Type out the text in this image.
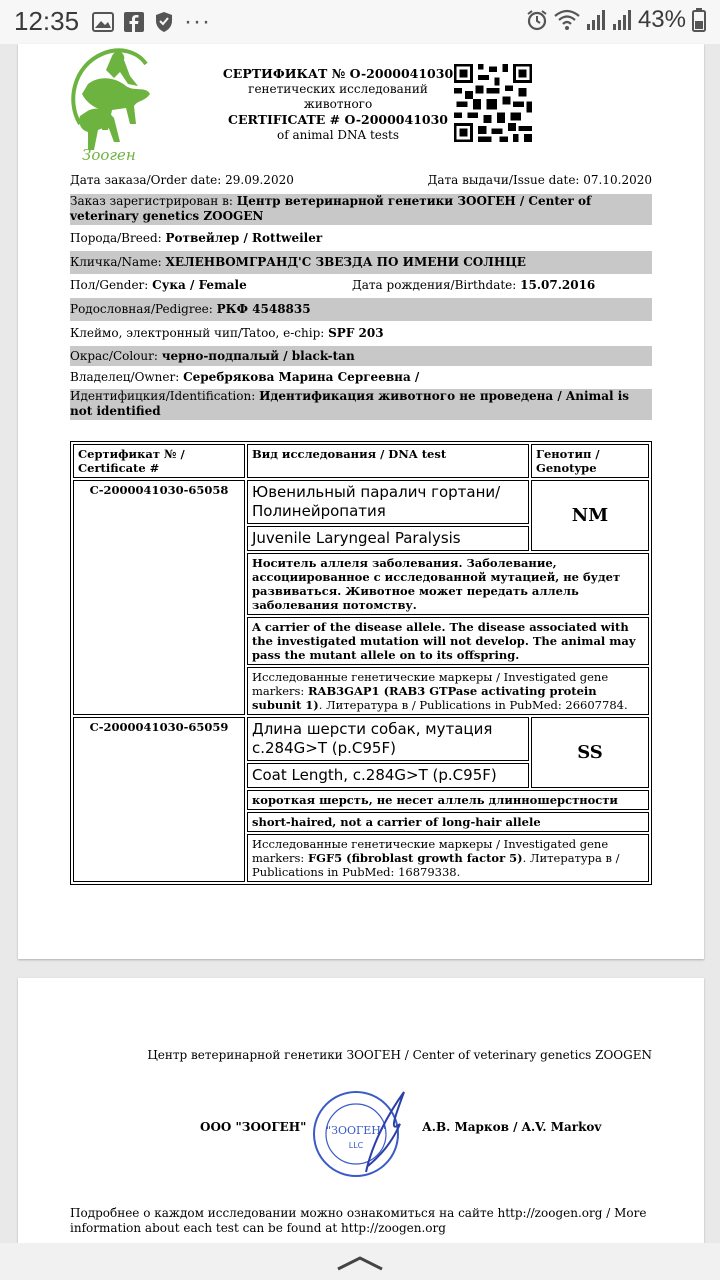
12:35	···	43%
Зооген
СЕРТИФИКАТ № O-2000041030
генетических исследований
животного
CERTIFICATE # O-2000041030
of animal DNA tests
Дата заказа/Order date: 29.09.2020	Дата выдачи/Issue date: 07.10.2020
Заказ зарегистрирован в: Центр ветеринарной генетики ЗООГЕН / Center of veterinary genetics ZOOGEN
Порода/Breed: Ротвейлер / Rottweiler
Кличка/Name: ХЕЛЕНВОМГРАНД'С ЗВЕЗДА ПО ИМЕНИ СОЛНЦЕ
Пол/Gender: Сука / Female	Дата рождения/Birthdate: 15.07.2016
Родословная/Pedigree: РКФ 4548835
Клеймо, электронный чип/Tatoo, e-chip: SPF 203
Окрас/Colour: черно-подпалый / black-tan
Владелец/Owner: Серебрякова Марина Сергеевна /
Идентифицкия/Identification: Идентификация животного не проведена / Animal is not identified
Сертификат № / Certificate #	Вид исследования / DNA test	Генотип / Genotype
C-2000041030-65058	Ювенильный паралич гортани/Полинейропатия	NM
	Juvenile Laryngeal Paralysis	
	Носитель аллеля заболевания. Заболевание, ассоциированное с исследованной мутацией, не будет развиваться. Животное может передать аллель заболевания потомству.	
	A carrier of the disease allele. The disease associated with the investigated mutation will not develop. The animal may pass the mutant allele on to its offspring.	
	Исследованные генетические маркеры / Investigated gene markers: RAB3GAP1 (RAB3 GTPase activating protein subunit 1). Литература в / Publications in PubMed: 26607784.	
C-2000041030-65059	Длина шерсти собак, мутация c.284G>T (p.C95F)	SS
	Coat Length, c.284G>T (p.C95F)	
	короткая шерсть, не несет аллель длинношерстности	
	short-haired, not a carrier of long-hair allele	
	Исследованные генетические маркеры / Investigated gene markers: FGF5 (fibroblast growth factor 5). Литература в / Publications in PubMed: 16879338.	
Центр ветеринарной генетики ЗООГЕН / Center of veterinary genetics ZOOGEN
ООО "ЗООГЕН" "ЗООГЕН"
LLC
А.В. Марков / A.V. Markov
Подробнее о каждом исследовании можно ознакомиться на сайте http://zoogen.org / More information about each test can be found at http://zoogen.org
